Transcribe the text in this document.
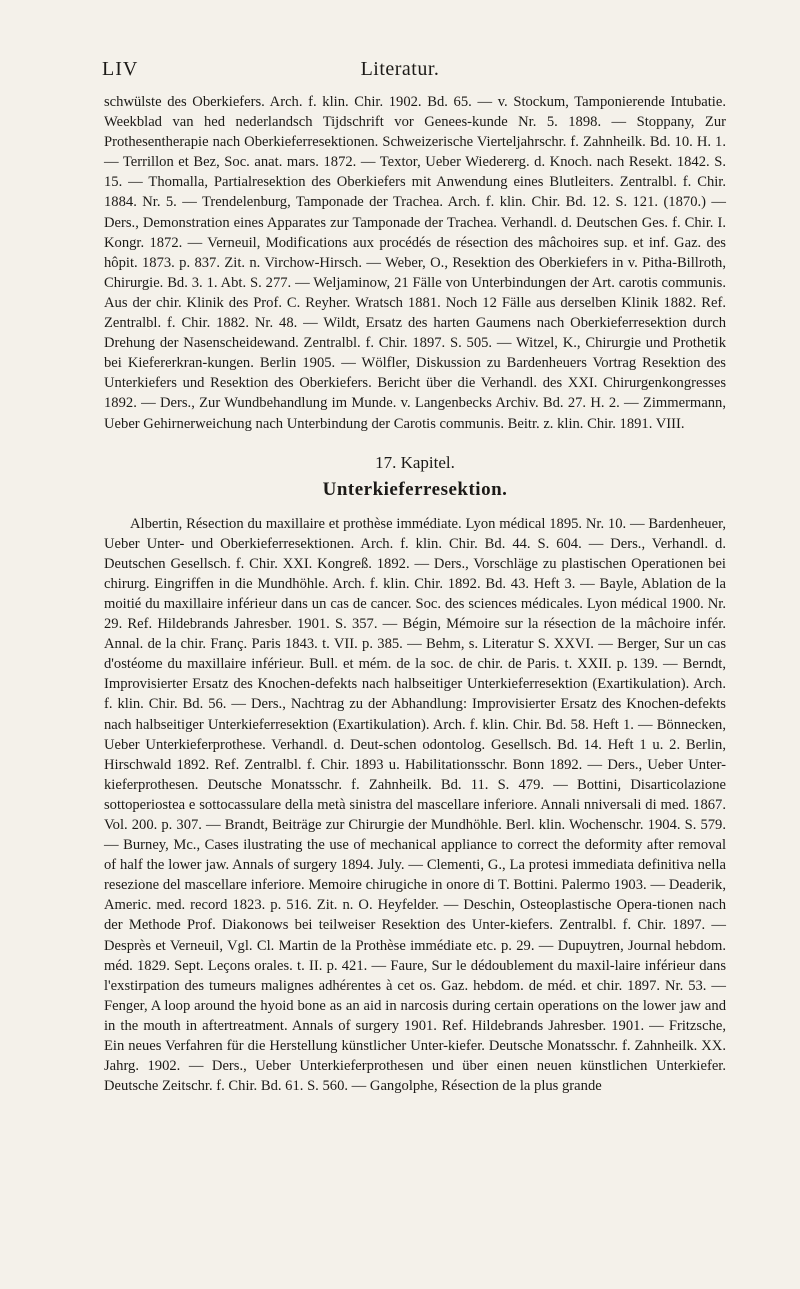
LIV	Literatur.

schwülste des Oberkiefers. Arch. f. klin. Chir. 1902. Bd. 65. — v. Stockum, Tamponierende Intubatie. Weekblad van hed nederlandsch Tijdschrift vor Genees-kunde Nr. 5. 1898. — Stoppany, Zur Prothesentherapie nach Oberkieferresektionen. Schweizerische Vierteljahrschr. f. Zahnheilk. Bd. 10. H. 1. — Terrillon et Bez, Soc. anat. mars. 1872. — Textor, Ueber Wiedererg. d. Knoch. nach Resekt. 1842. S. 15. — Thomalla, Partialresektion des Oberkiefers mit Anwendung eines Blutleiters. Zentralbl. f. Chir. 1884. Nr. 5. — Trendelenburg, Tamponade der Trachea. Arch. f. klin. Chir. Bd. 12. S. 121. (1870.) — Ders., Demonstration eines Apparates zur Tamponade der Trachea. Verhandl. d. Deutschen Ges. f. Chir. I. Kongr. 1872. — Verneuil, Modifications aux procédés de résection des mâchoires sup. et inf. Gaz. des hôpit. 1873. p. 837. Zit. n. Virchow-Hirsch. — Weber, O., Resektion des Oberkiefers in v. Pitha-Billroth, Chirurgie. Bd. 3. 1. Abt. S. 277. — Weljaminow, 21 Fälle von Unterbindungen der Art. carotis communis. Aus der chir. Klinik des Prof. C. Reyher. Wratsch 1881. Noch 12 Fälle aus derselben Klinik 1882. Ref. Zentralbl. f. Chir. 1882. Nr. 48. — Wildt, Ersatz des harten Gaumens nach Oberkieferresektion durch Drehung der Nasenscheidewand. Zentralbl. f. Chir. 1897. S. 505. — Witzel, K., Chirurgie und Prothetik bei Kiefererkran-kungen. Berlin 1905. — Wölfler, Diskussion zu Bardenheuers Vortrag Resektion des Unterkiefers und Resektion des Oberkiefers. Bericht über die Verhandl. des XXI. Chirurgenkongresses 1892. — Ders., Zur Wundbehandlung im Munde. v. Langenbecks Archiv. Bd. 27. H. 2. — Zimmermann, Ueber Gehirnerweichung nach Unterbindung der Carotis communis. Beitr. z. klin. Chir. 1891. VIII.

17. Kapitel.
Unterkieferresektion.

Albertin, Résection du maxillaire et prothèse immédiate. Lyon médical 1895. Nr. 10. — Bardenheuer, Ueber Unter- und Oberkieferresektionen. Arch. f. klin. Chir. Bd. 44. S. 604. — Ders., Verhandl. d. Deutschen Gesellsch. f. Chir. XXI. Kongreß. 1892. — Ders., Vorschläge zu plastischen Operationen bei chirurg. Eingriffen in die Mundhöhle. Arch. f. klin. Chir. 1892. Bd. 43. Heft 3. — Bayle, Ablation de la moitié du maxillaire inférieur dans un cas de cancer. Soc. des sciences médicales. Lyon médical 1900. Nr. 29. Ref. Hildebrands Jahresber. 1901. S. 357. — Bégin, Mémoire sur la résection de la mâchoire infér. Annal. de la chir. Franç. Paris 1843. t. VII. p. 385. — Behm, s. Literatur S. XXVI. — Berger, Sur un cas d'ostéome du maxillaire inférieur. Bull. et mém. de la soc. de chir. de Paris. t. XXII. p. 139. — Berndt, Improvisierter Ersatz des Knochen-defekts nach halbseitiger Unterkieferresektion (Exartikulation). Arch. f. klin. Chir. Bd. 56. — Ders., Nachtrag zu der Abhandlung: Improvisierter Ersatz des Knochen-defekts nach halbseitiger Unterkieferresektion (Exartikulation). Arch. f. klin. Chir. Bd. 58. Heft 1. — Bönnecken, Ueber Unterkieferprothese. Verhandl. d. Deut-schen odontolog. Gesellsch. Bd. 14. Heft 1 u. 2. Berlin, Hirschwald 1892. Ref. Zentralbl. f. Chir. 1893 u. Habilitationsschr. Bonn 1892. — Ders., Ueber Unter-kieferprothesen. Deutsche Monatsschr. f. Zahnheilk. Bd. 11. S. 479. — Bottini, Disarticolazione sottoperiostea e sottocassulare della metà sinistra del mascellare inferiore. Annali nniversali di med. 1867. Vol. 200. p. 307. — Brandt, Beiträge zur Chirurgie der Mundhöhle. Berl. klin. Wochenschr. 1904. S. 579. — Burney, Mc., Cases ilustrating the use of mechanical appliance to correct the deformity after removal of half the lower jaw. Annals of surgery 1894. July. — Clementi, G., La protesi immediata definitiva nella resezione del mascellare inferiore. Memoire chirugiche in onore di T. Bottini. Palermo 1903. — Deaderik, Americ. med. record 1823. p. 516. Zit. n. O. Heyfelder. — Deschin, Osteoplastische Opera-tionen nach der Methode Prof. Diakonows bei teilweiser Resektion des Unter-kiefers. Zentralbl. f. Chir. 1897. — Desprès et Verneuil, Vgl. Cl. Martin de la Prothèse immédiate etc. p. 29. — Dupuytren, Journal hebdom. méd. 1829. Sept. Leçons orales. t. II. p. 421. — Faure, Sur le dédoublement du maxil-laire inférieur dans l'exstirpation des tumeurs malignes adhérentes à cet os. Gaz. hebdom. de méd. et chir. 1897. Nr. 53. — Fenger, A loop around the hyoid bone as an aid in narcosis during certain operations on the lower jaw and in the mouth in aftertreatment. Annals of surgery 1901. Ref. Hildebrands Jahresber. 1901. — Fritzsche, Ein neues Verfahren für die Herstellung künstlicher Unter-kiefer. Deutsche Monatsschr. f. Zahnheilk. XX. Jahrg. 1902. — Ders., Ueber Unterkieferprothesen und über einen neuen künstlichen Unterkiefer. Deutsche Zeitschr. f. Chir. Bd. 61. S. 560. — Gangolphe, Résection de la plus grande
